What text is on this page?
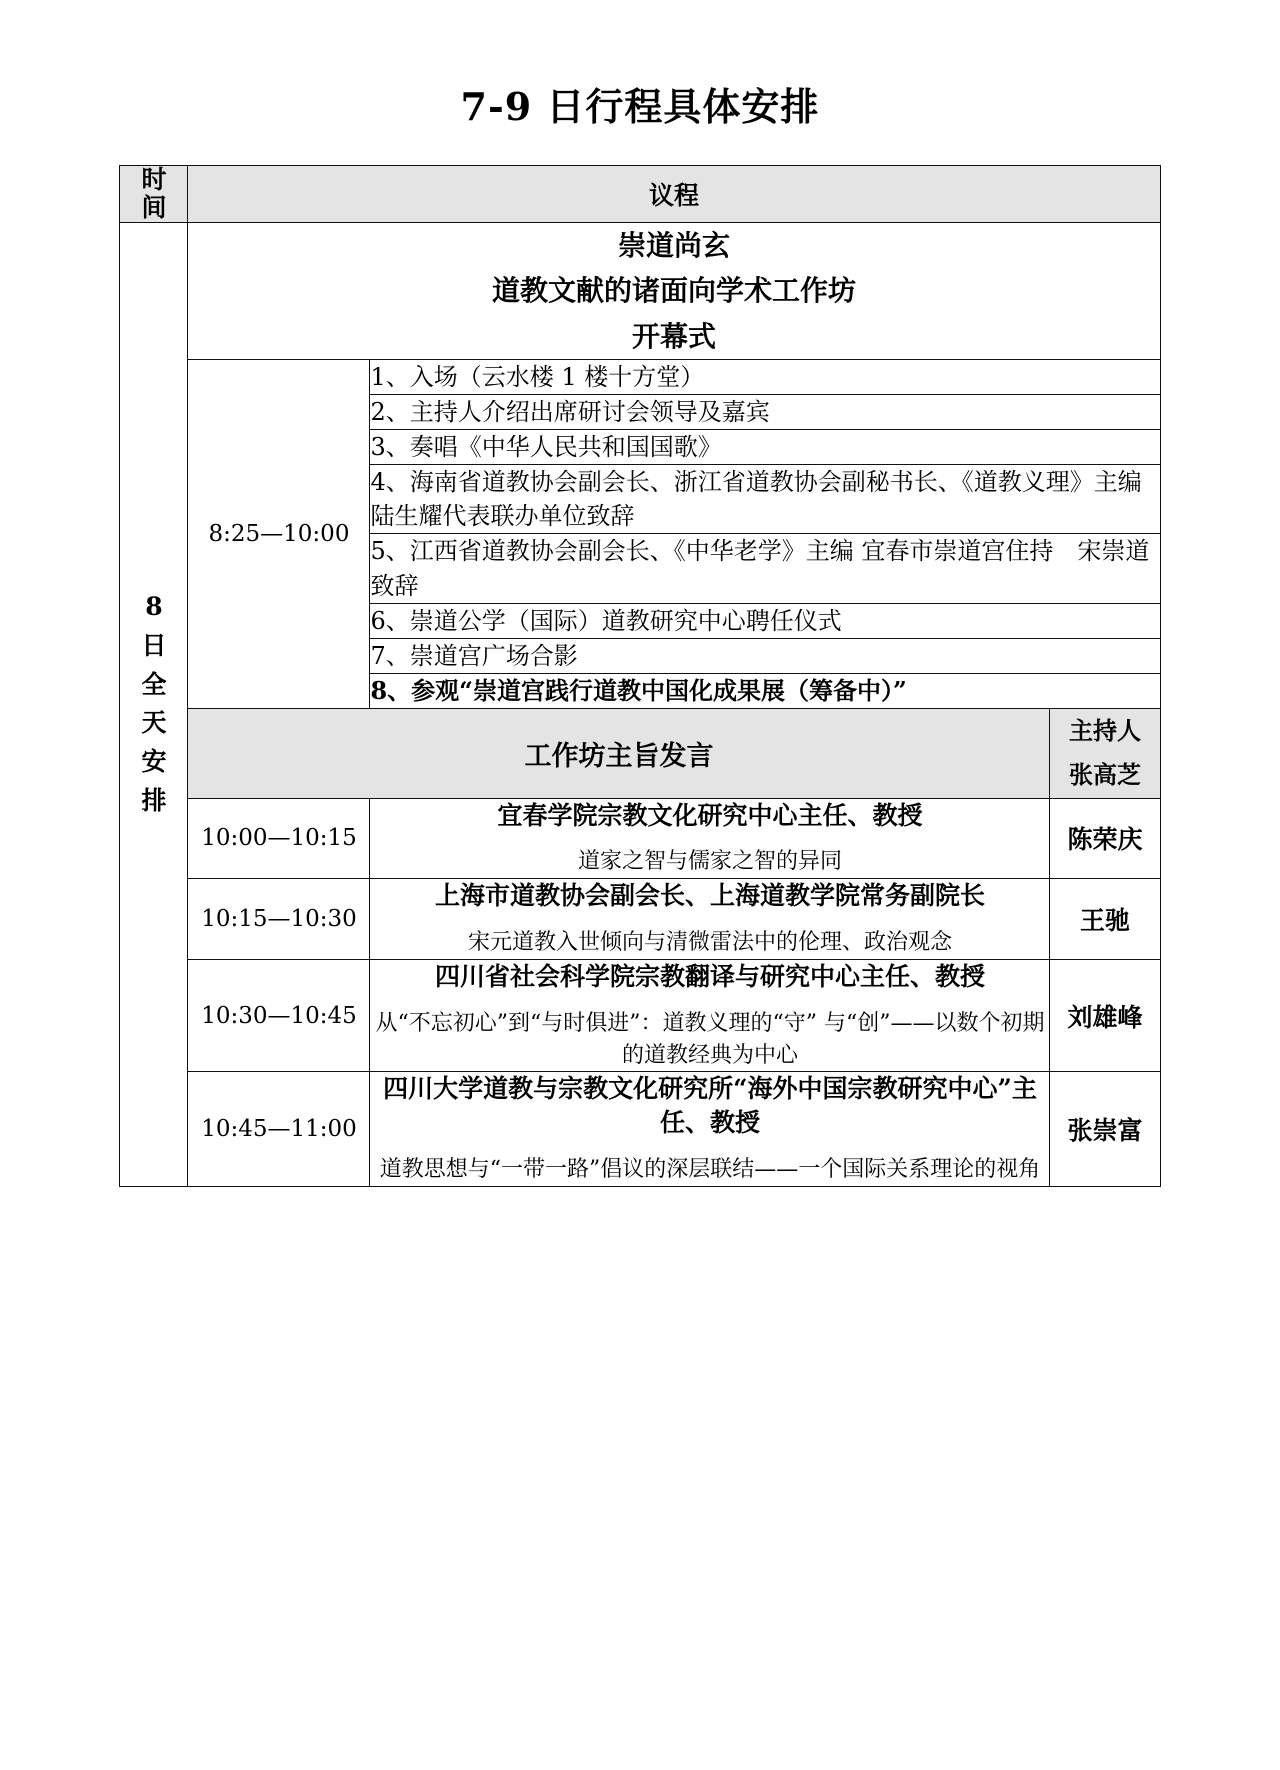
7-9 日行程具体安排
时
间	议程		

8
日
全
天
安
排

崇道尚玄
道教文献的诸面向学术工作坊
开幕式

	8:25—10:00	1、入场（云水楼 1 楼十方堂）	
		2、主持人介绍出席研讨会领导及嘉宾	
		3、奏唱《中华人民共和国国歌》	
		4、海南省道教协会副会长、浙江省道教协会副秘书长、《道教义理》主编 陆生耀代表联办单位致辞	
		5、江西省道教协会副会长、《中华老学》主编 宜春市崇道宫住持　宋崇道致辞	
		6、崇道公学（国际）道教研究中心聘任仪式	
		7、崇道宫广场合影	
		8、参观“崇道宫践行道教中国化成果展（筹备中）”	
	工作坊主旨发言		主持人
张高芝

	10:00—10:15	宜春学院宗教文化研究中心主任、教授
道家之智与儒家之智的异同	陈荣庆
	10:15—10:30	上海市道教协会副会长、上海道教学院常务副院长
宋元道教入世倾向与清微雷法中的伦理、政治观念	王驰
	10:30—10:45	四川省社会科学院宗教翻译与研究中心主任、教授
从“不忘初心”到“与时俱进”：道教义理的“守” 与“创”——以数个初期的道教经典为中心	刘雄峰
	10:45—11:00	四川大学道教与宗教文化研究所“海外中国宗教研究中心”主任、教授
道教思想与“一带一路”倡议的深层联结——一个国际关系理论的视角	张崇富
